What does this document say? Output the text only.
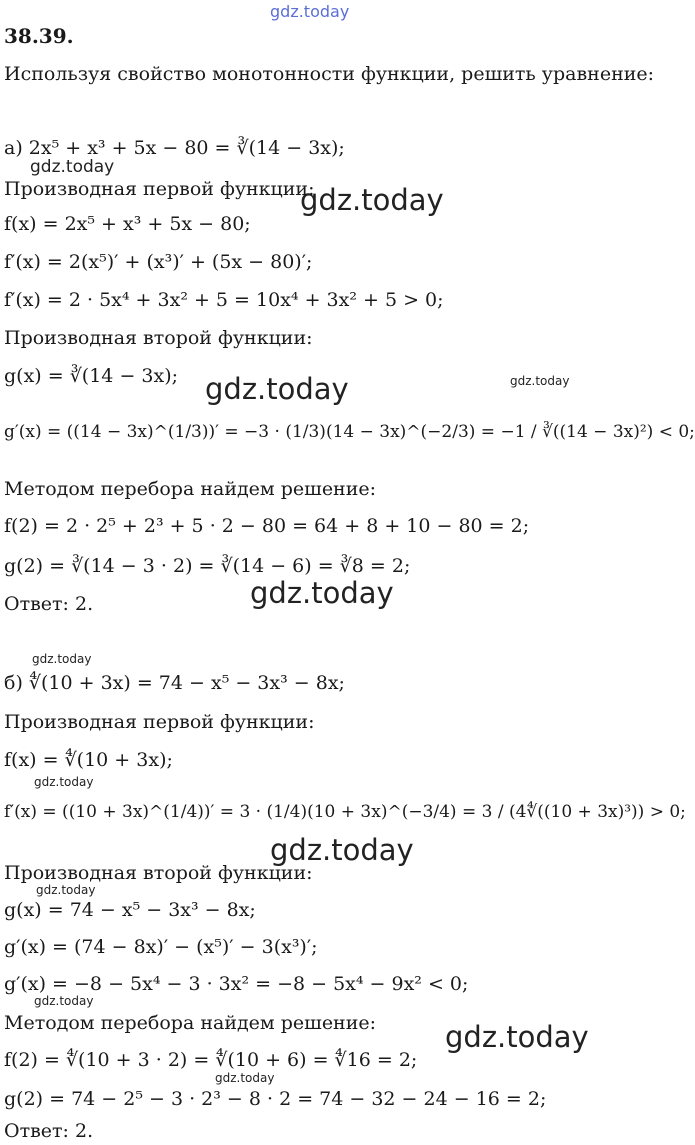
gdz.today
gdz.today
gdz.today
gdz.today	gdz.today
gdz.today
gdz.today
gdz.today
gdz.today
gdz.today
gdz.today
gdz.today
gdz.today
38.39.
Используя свойство монотонности функции, решить уравнение:
а) 2x⁵ + x³ + 5x − 80 = ∛(14 − 3x);
Производная первой функции:
f(x) = 2x⁵ + x³ + 5x − 80;
f′(x) = 2(x⁵)′ + (x³)′ + (5x − 80)′;
f′(x) = 2 · 5x⁴ + 3x² + 5 = 10x⁴ + 3x² + 5 > 0;
Производная второй функции:
g(x) = ∛(14 − 3x);
g′(x) = ((14 − 3x)^(1/3))′ = −3 · (1/3)(14 − 3x)^(−2/3) = −1 / ∛((14 − 3x)²) < 0;
Методом перебора найдем решение:
f(2) = 2 · 2⁵ + 2³ + 5 · 2 − 80 = 64 + 8 + 10 − 80 = 2;
g(2) = ∛(14 − 3 · 2) = ∛(14 − 6) = ∛8 = 2;
Ответ: 2.
б) ∜(10 + 3x) = 74 − x⁵ − 3x³ − 8x;
Производная первой функции:
f(x) = ∜(10 + 3x);
f′(x) = ((10 + 3x)^(1/4))′ = 3 · (1/4)(10 + 3x)^(−3/4) = 3 / (4∜((10 + 3x)³)) > 0;
Производная второй функции:
g(x) = 74 − x⁵ − 3x³ − 8x;
g′(x) = (74 − 8x)′ − (x⁵)′ − 3(x³)′;
g′(x) = −8 − 5x⁴ − 3 · 3x² = −8 − 5x⁴ − 9x² < 0;
Методом перебора найдем решение:
f(2) = ∜(10 + 3 · 2) = ∜(10 + 6) = ∜16 = 2;
g(2) = 74 − 2⁵ − 3 · 2³ − 8 · 2 = 74 − 32 − 24 − 16 = 2;
Ответ: 2.
